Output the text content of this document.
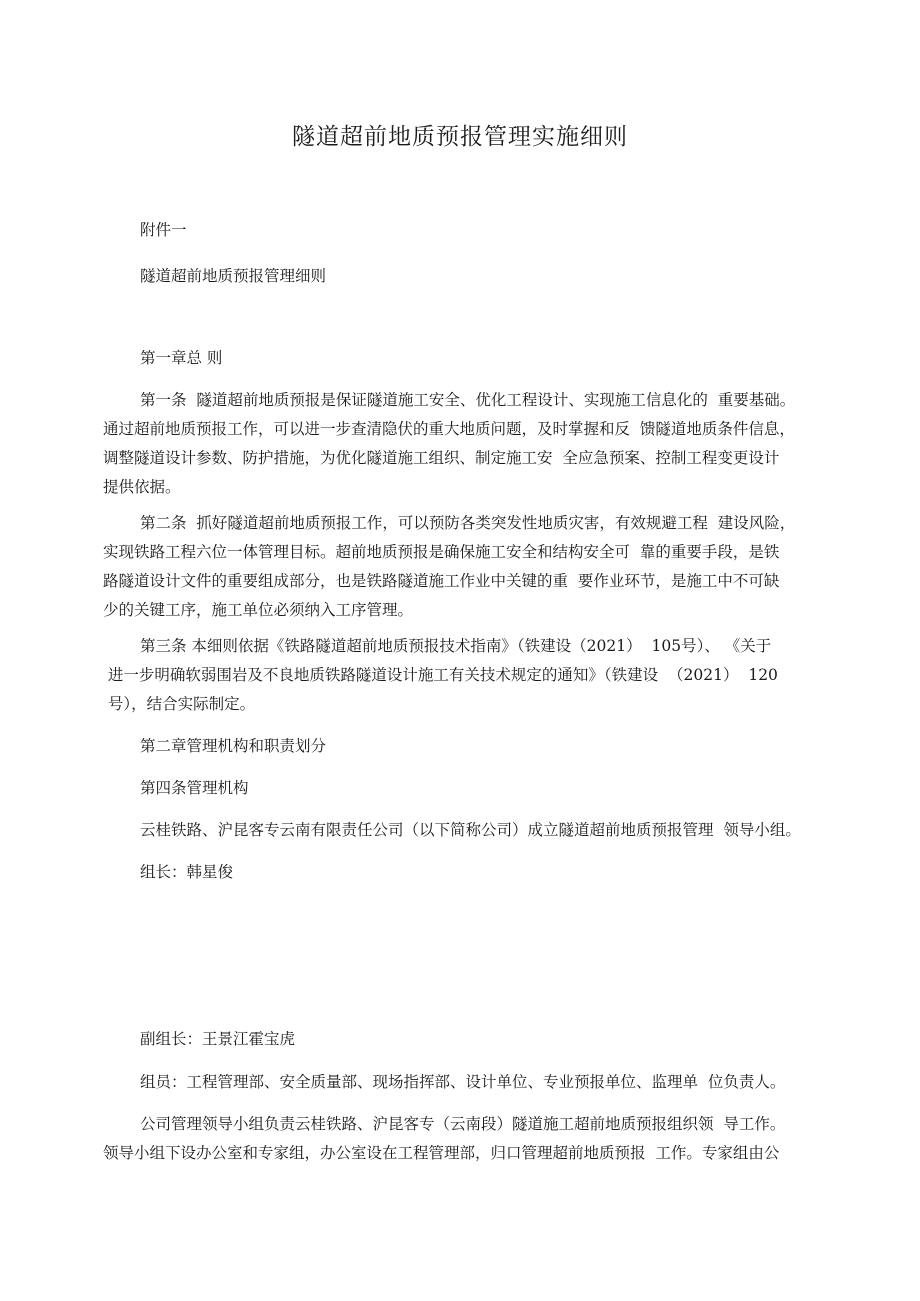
隧道超前地质预报管理实施细则

附件一

隧道超前地质预报管理细则

第一章总 则

第一条  隧道超前地质预报是保证隧道施工安全、优化工程设计、实现施工信息化的  重要基础。
通过超前地质预报工作，可以进一步查清隐伏的重大地质问题，及时掌握和反  馈隧道地质条件信息，
调整隧道设计参数、防护措施，为优化隧道施工组织、制定施工安  全应急预案、控制工程变更设计
提供依据。
第二条  抓好隧道超前地质预报工作，可以预防各类突发性地质灾害，有效规避工程  建设风险，
实现铁路工程六位一体管理目标。超前地质预报是确保施工安全和结构安全可  靠的重要手段，是铁
路隧道设计文件的重要组成部分，也是铁路隧道施工作业中关键的重  要作业环节，是施工中不可缺
少的关键工序，施工单位必须纳入工序管理。
第三条 本细则依据《铁路隧道超前地质预报技术指南》（铁建设（2021）  105号）、 《关于
进一步明确软弱围岩及不良地质铁路隧道设计施工有关技术规定的通知》（铁建设  （2021）  120
号），结合实际制定。

第二章管理机构和职责划分

第四条管理机构

云桂铁路、沪昆客专云南有限责任公司（以下简称公司）成立隧道超前地质预报管理  领导小组。

组长：韩星俊

副组长：王景江霍宝虎

组员：工程管理部、安全质量部、现场指挥部、设计单位、专业预报单位、监理单  位负责人。

公司管理领导小组负责云桂铁路、沪昆客专（云南段）隧道施工超前地质预报组织领  导工作。
领导小组下设办公室和专家组，办公室设在工程管理部，归口管理超前地质预报  工作。专家组由公
